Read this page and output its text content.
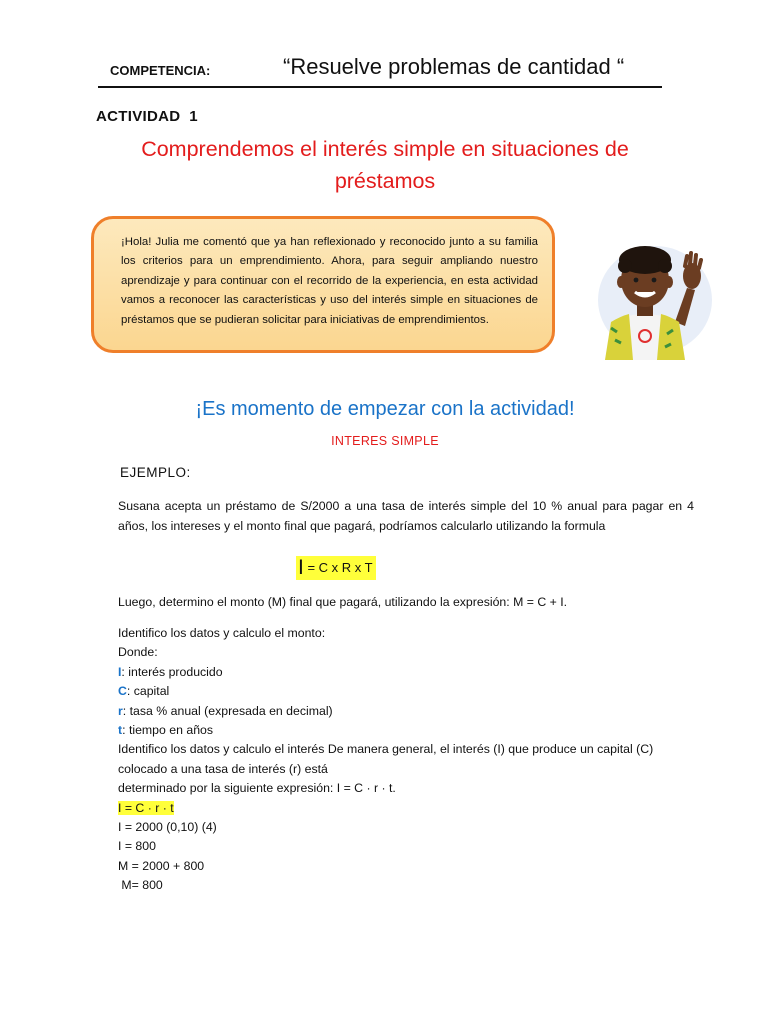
COMPETENCIA:	“Resuelve problemas de cantidad “
ACTIVIDAD  1
Comprendemos el interés simple en situaciones de préstamos
¡Hola! Julia me comentó que ya han reflexionado y reconocido junto a su familia los criterios para un emprendimiento. Ahora, para seguir ampliando nuestro aprendizaje y para continuar con el recorrido de la experiencia, en esta actividad vamos a reconocer las características y uso del interés simple en situaciones de préstamos que se pudieran solicitar para iniciativas de emprendimientos.
¡Es momento de empezar con la actividad!
INTERES SIMPLE
EJEMPLO:
Susana acepta un préstamo de S/2000 a una tasa de interés simple del 10 % anual para pagar en 4 años, los intereses y el monto final que pagará, podríamos calcularlo utilizando la formula
I = C x R x T
Luego, determino el monto (M) final que pagará, utilizando la expresión: M = C + I.

Identifico los datos y calculo el monto:

Donde:

I: interés producido

C: capital

r: tasa % anual (expresada en decimal)

t: tiempo en años

Identifico los datos y calculo el interés De manera general, el interés (I) que produce un capital (C) colocado a una tasa de interés (r) está

determinado por la siguiente expresión: I = C · r · t.

I = C · r · t

I = 2000 (0,10) (4)

I = 800

M = 2000 + 800

M= 800
